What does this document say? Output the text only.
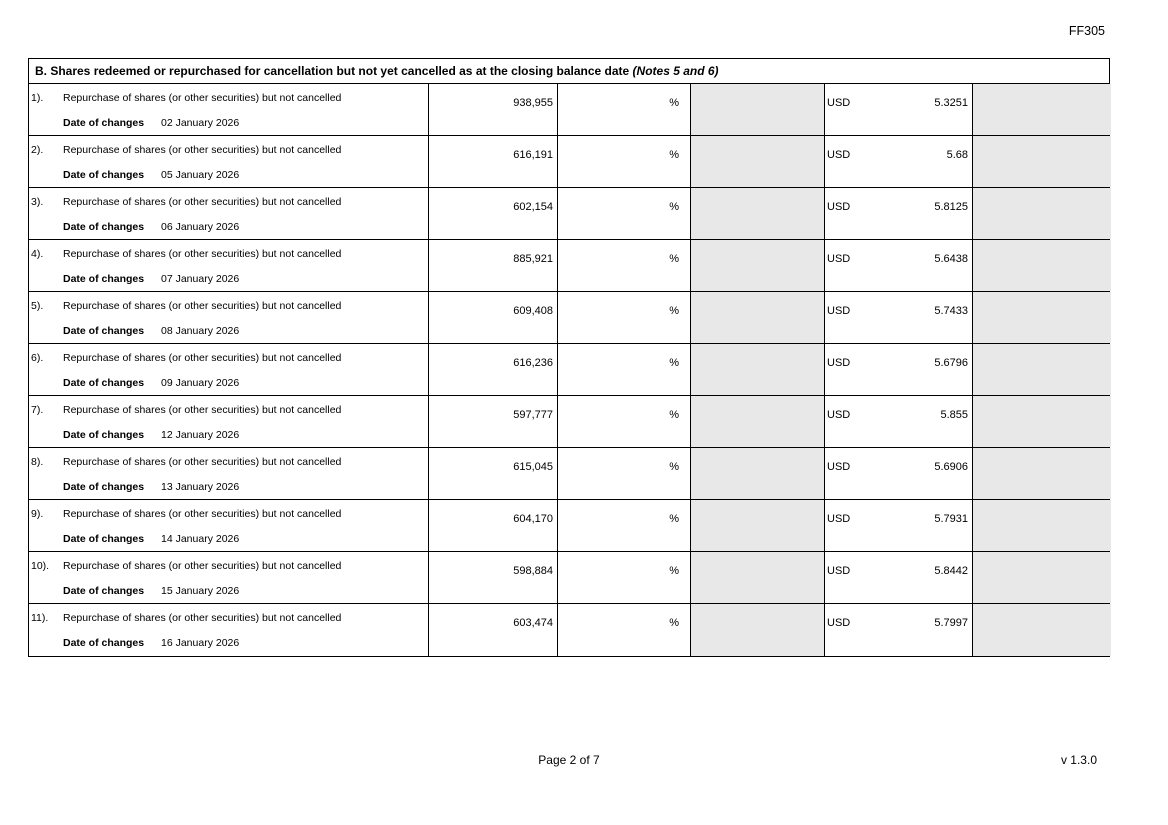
FF305
B. Shares redeemed or repurchased for cancellation but not yet cancelled as at the closing balance date (Notes 5 and 6)
1).	Repurchase of shares (or other securities) but not cancelled
Date of changes 02 January 2026
938,955	%	USD	5.3251
2).	Repurchase of shares (or other securities) but not cancelled
Date of changes 05 January 2026
616,191	%	USD	5.68
3).	Repurchase of shares (or other securities) but not cancelled
Date of changes 06 January 2026
602,154	%	USD	5.8125
4).	Repurchase of shares (or other securities) but not cancelled
Date of changes 07 January 2026
885,921	%	USD	5.6438
5).	Repurchase of shares (or other securities) but not cancelled
Date of changes 08 January 2026
609,408	%	USD	5.7433
6).	Repurchase of shares (or other securities) but not cancelled
Date of changes 09 January 2026
616,236	%	USD	5.6796
7).	Repurchase of shares (or other securities) but not cancelled
Date of changes 12 January 2026
597,777	%	USD	5.855
8).	Repurchase of shares (or other securities) but not cancelled
Date of changes 13 January 2026
615,045	%	USD	5.6906
9).	Repurchase of shares (or other securities) but not cancelled
Date of changes 14 January 2026
604,170	%	USD	5.7931
10).	Repurchase of shares (or other securities) but not cancelled
Date of changes 15 January 2026
598,884	%	USD	5.8442
11).	Repurchase of shares (or other securities) but not cancelled
Date of changes 16 January 2026
603,474	%	USD	5.7997
Page 2 of 7	v 1.3.0
